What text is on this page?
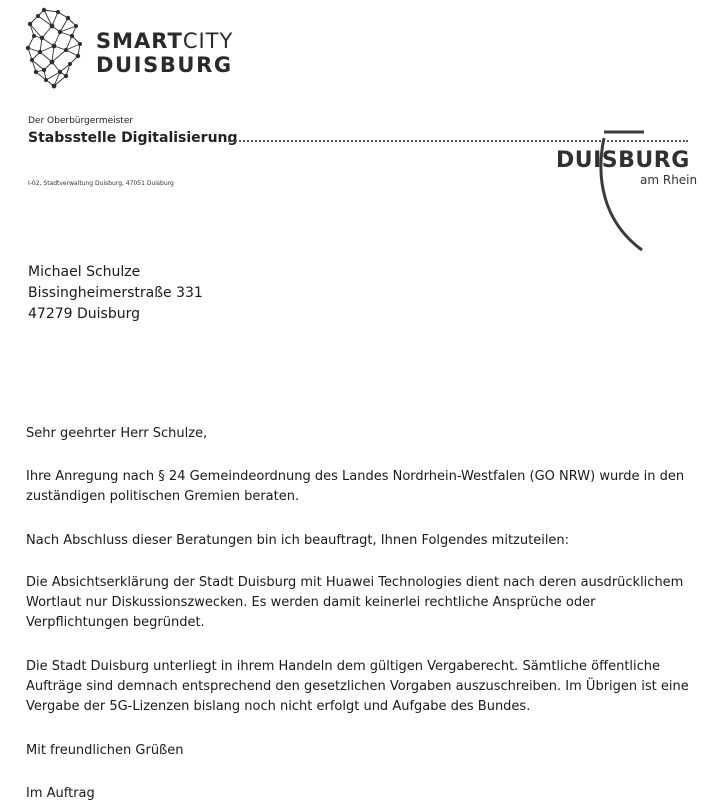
SMARTCITY
DUISBURG
Der Oberbürgermeister
Stabsstelle Digitalisierung
I-02, Stadtverwaltung Duisburg, 47051 Duisburg
DUISBURG
am Rhein
Michael Schulze
Bissingheimerstraße 331
47279 Duisburg
Sehr geehrter Herr Schulze,
Ihre Anregung nach § 24 Gemeindeordnung des Landes Nordrhein-Westfalen (GO NRW) wurde in den zuständigen politischen Gremien beraten.
Nach Abschluss dieser Beratungen bin ich beauftragt, Ihnen Folgendes mitzuteilen:
Die Absichtserklärung der Stadt Duisburg mit Huawei Technologies dient nach deren ausdrücklichem Wortlaut nur Diskussionszwecken. Es werden damit keinerlei rechtliche Ansprüche oder Verpflichtungen begründet.
Die Stadt Duisburg unterliegt in ihrem Handeln dem gültigen Vergaberecht. Sämtliche öffentliche Aufträge sind demnach entsprechend den gesetzlichen Vorgaben auszuschreiben. Im Übrigen ist eine Vergabe der 5G-Lizenzen bislang noch nicht erfolgt und Aufgabe des Bundes.
Mit freundlichen Grüßen
Im Auftrag
